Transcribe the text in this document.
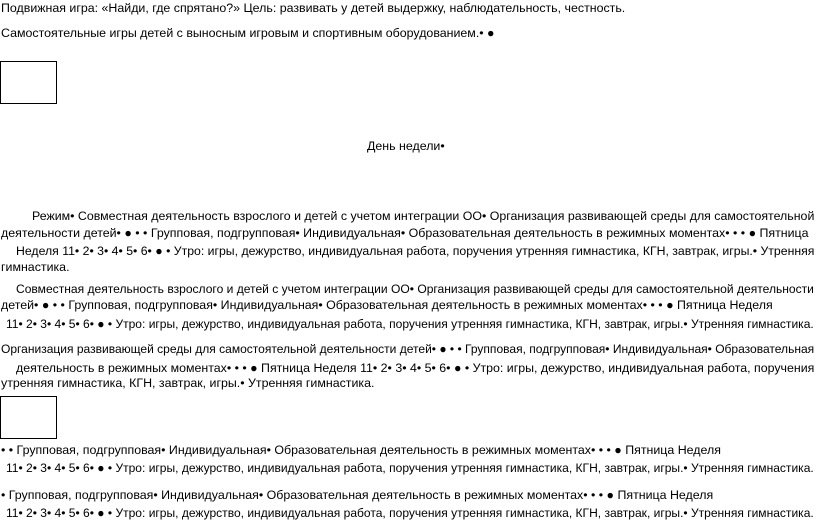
Подвижная игра: «Найди, где спрятано?» Цель: развивать у детей выдержку, наблюдательность, честность.
Самостоятельные игры детей с выносным игровым и спортивным оборудованием.• ●
День недели•
Режим• Совместная деятельность взрослого и детей с учетом интеграции ОО• Организация развивающей среды для самостоятельной
деятельности детей• ● • • Групповая, подгрупповая• Индивидуальная• Образовательная деятельность в режимных моментах• • • ● Пятница
Неделя 11• 2• 3• 4• 5• 6• ● • Утро: игры, дежурство, индивидуальная работа, поручения утренняя гимнастика, КГН, завтрак, игры.• Утренняя
гимнастика.
Совместная деятельность взрослого и детей с учетом интеграции ОО• Организация развивающей среды для самостоятельной деятельности
детей• ● • • Групповая, подгрупповая• Индивидуальная• Образовательная деятельность в режимных моментах• • • ● Пятница Неделя
11• 2• 3• 4• 5• 6• ● • Утро: игры, дежурство, индивидуальная работа, поручения утренняя гимнастика, КГН, завтрак, игры.• Утренняя гимнастика.
Организация развивающей среды для самостоятельной деятельности детей• ● • • Групповая, подгрупповая• Индивидуальная• Образовательная
деятельность в режимных моментах• • • ● Пятница Неделя 11• 2• 3• 4• 5• 6• ● • Утро: игры, дежурство, индивидуальная работа, поручения
утренняя гимнастика, КГН, завтрак, игры.• Утренняя гимнастика.
• • Групповая, подгрупповая• Индивидуальная• Образовательная деятельность в режимных моментах• • • ● Пятница Неделя
11• 2• 3• 4• 5• 6• ● • Утро: игры, дежурство, индивидуальная работа, поручения утренняя гимнастика, КГН, завтрак, игры.• Утренняя гимнастика.
• Групповая, подгрупповая• Индивидуальная• Образовательная деятельность в режимных моментах• • • ● Пятница Неделя
11• 2• 3• 4• 5• 6• ● • Утро: игры, дежурство, индивидуальная работа, поручения утренняя гимнастика, КГН, завтрак, игры.• Утренняя гимнастика.
